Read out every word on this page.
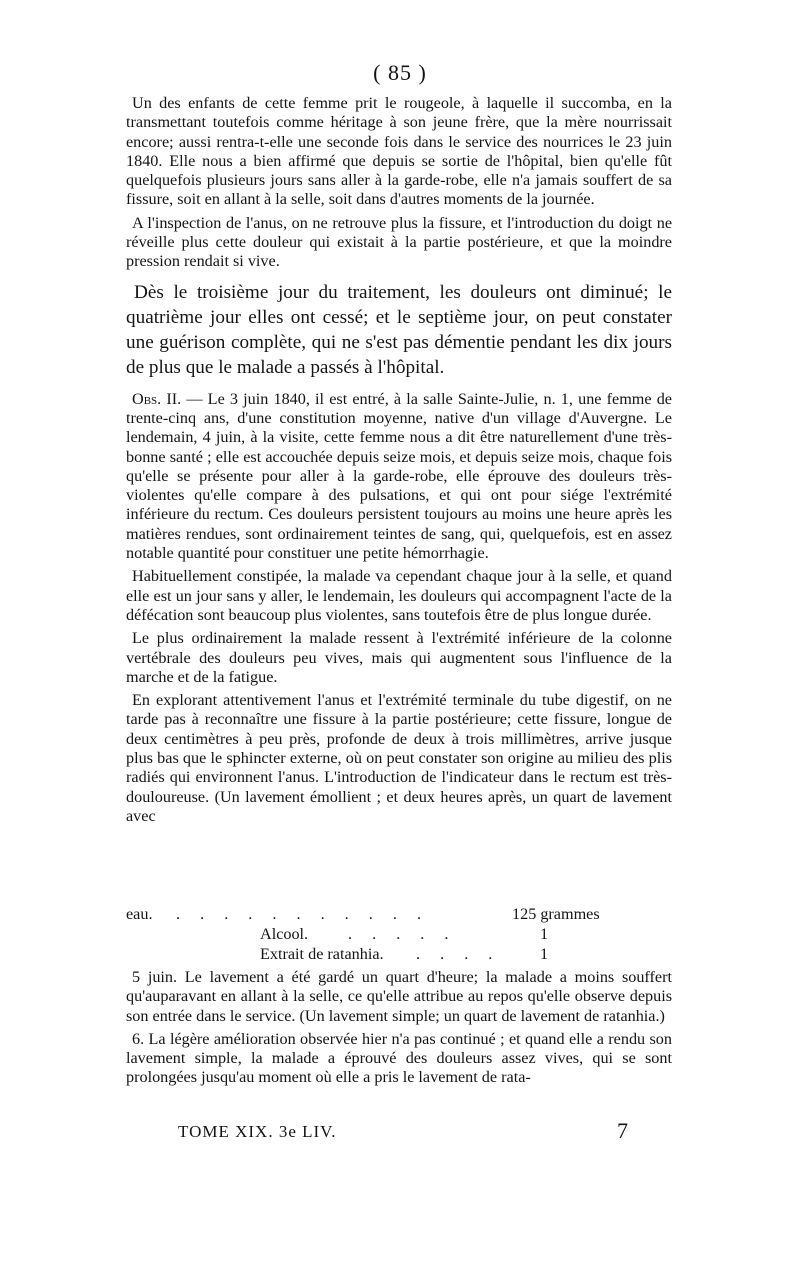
( 85 )

Un des enfants de cette femme prit le rougeole, à laquelle il succomba, en la transmettant toutefois comme héritage à son jeune frère, que la mère nourrissait encore; aussi rentra-t-elle une seconde fois dans le service des nourrices le 23 juin 1840. Elle nous a bien affirmé que depuis se sortie de l'hôpital, bien qu'elle fût quelquefois plusieurs jours sans aller à la garde-robe, elle n'a jamais souffert de sa fissure, soit en allant à la selle, soit dans d'autres moments de la journée.

A l'inspection de l'anus, on ne retrouve plus la fissure, et l'introduction du doigt ne réveille plus cette douleur qui existait à la partie postérieure, et que la moindre pression rendait si vive.

Dès le troisième jour du traitement, les douleurs ont diminué; le quatrième jour elles ont cessé; et le septième jour, on peut constater une guérison complète, qui ne s'est pas démentie pendant les dix jours de plus que le malade a passés à l'hôpital.

Obs. II. — Le 3 juin 1840, il est entré, à la salle Sainte-Julie, n. 1, une femme de trente-cinq ans, d'une constitution moyenne, native d'un village d'Auvergne. Le lendemain, 4 juin, à la visite, cette femme nous a dit être naturellement d'une très-bonne santé ; elle est accouchée depuis seize mois, et depuis seize mois, chaque fois qu'elle se présente pour aller à la garde-robe, elle éprouve des douleurs très-violentes qu'elle compare à des pulsations, et qui ont pour siége l'extrémité inférieure du rectum. Ces douleurs persistent toujours au moins une heure après les matières rendues, sont ordinairement teintes de sang, qui, quelquefois, est en assez notable quantité pour constituer une petite hémorrhagie.

Habituellement constipée, la malade va cependant chaque jour à la selle, et quand elle est un jour sans y aller, le lendemain, les douleurs qui accompagnent l'acte de la défécation sont beaucoup plus violentes, sans toutefois être de plus longue durée.

Le plus ordinairement la malade ressent à l'extrémité inférieure de la colonne vertébrale des douleurs peu vives, mais qui augmentent sous l'influence de la marche et de la fatigue.

En explorant attentivement l'anus et l'extrémité terminale du tube digestif, on ne tarde pas à reconnaître une fissure à la partie postérieure; cette fissure, longue de deux centimètres à peu près, profonde de deux à trois millimètres, arrive jusque plus bas que le sphincter externe, où on peut constater son origine au milieu des plis radiés qui environnent l'anus. L'introduction de l'indicateur dans le rectum est très-douloureuse. (Un lavement émollient ; et deux heures après, un quart de lavement avec

eau. . . . . . . . . . . .	125 grammes
Alcool. . . . . .	1
Extrait de ratanhia. . . . . 1

5 juin. Le lavement a été gardé un quart d'heure; la malade a moins souffert qu'auparavant en allant à la selle, ce qu'elle attribue au repos qu'elle observe depuis son entrée dans le service. (Un lavement simple; un quart de lavement de ratanhia.)

6. La légère amélioration observée hier n'a pas continué ; et quand elle a rendu son lavement simple, la malade a éprouvé des douleurs assez vives, qui se sont prolongées jusqu'au moment où elle a pris le lavement de rata-

TOME XIX. 3e LIV.	7
